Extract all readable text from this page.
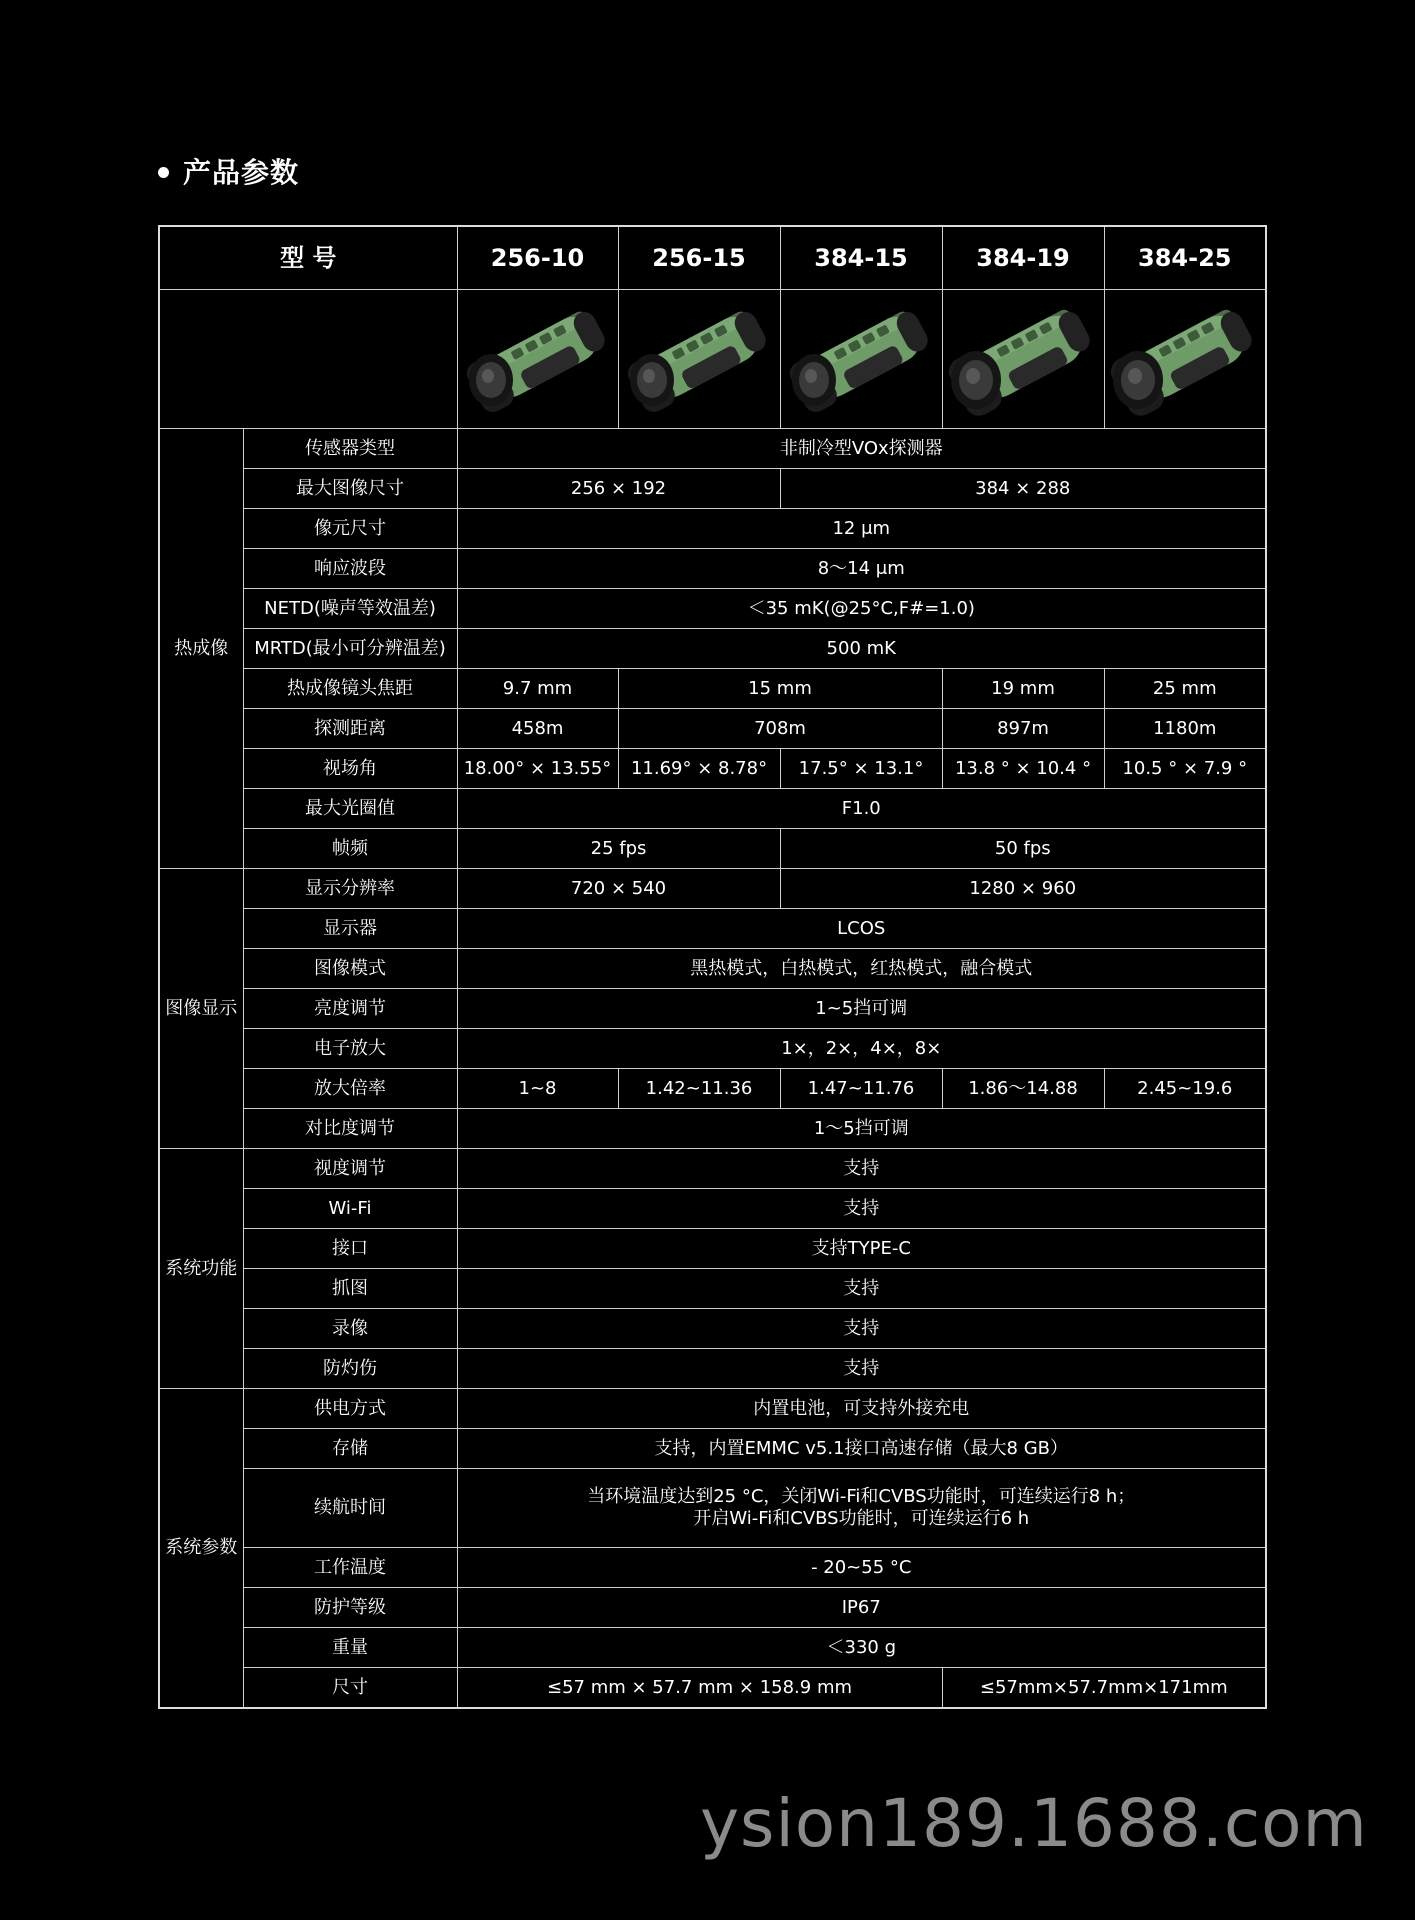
产品参数
型 号		256-10	256-15	384-15	384-19	384-25

热成像	传感器类型	非制冷型VOx探测器				
	最大图像尺寸	256 × 192		384 × 288		
	像元尺寸	12 μm				
	响应波段	8～14 μm				
	NETD(噪声等效温差)	＜35 mK(@25°C,F#=1.0)				
	MRTD(最小可分辨温差)	500 mK				
	热成像镜头焦距	9.7 mm	15 mm		19 mm	25 mm
	探测距离	458m	708m		897m	1180m
	视场角	18.00° × 13.55°	11.69° × 8.78°	17.5° × 13.1°	13.8 ° × 10.4 °	10.5 ° × 7.9 °
	最大光圈值	F1.0				
	帧频	25 fps		50 fps		
图像显示	显示分辨率	720 × 540		1280 × 960		
	显示器	LCOS				
	图像模式	黑热模式，白热模式，红热模式，融合模式				
	亮度调节	1~5挡可调				
	电子放大	1×，2×，4×，8×				
	放大倍率	1~8	1.42~11.36	1.47~11.76	1.86～14.88	2.45~19.6
	对比度调节	1～5挡可调				
系统功能	视度调节	支持				
	Wi-Fi	支持				
	接口	支持TYPE-C				
	抓图	支持				
	录像	支持				
	防灼伤	支持				
系统参数	供电方式	内置电池，可支持外接充电				
	存储	支持，内置EMMC v5.1接口高速存储（最大8 GB）				
	续航时间	当环境温度达到25 °C，关闭Wi-Fi和CVBS功能时，可连续运行8 h；
开启Wi-Fi和CVBS功能时，可连续运行6 h				

	工作温度	- 20~55 °C				
	防护等级	IP67				
	重量	＜330 g				
	尺寸	≤57 mm × 57.7 mm × 158.9 mm			≤57mm×57.7mm×171mm	
ysion189.1688.com
